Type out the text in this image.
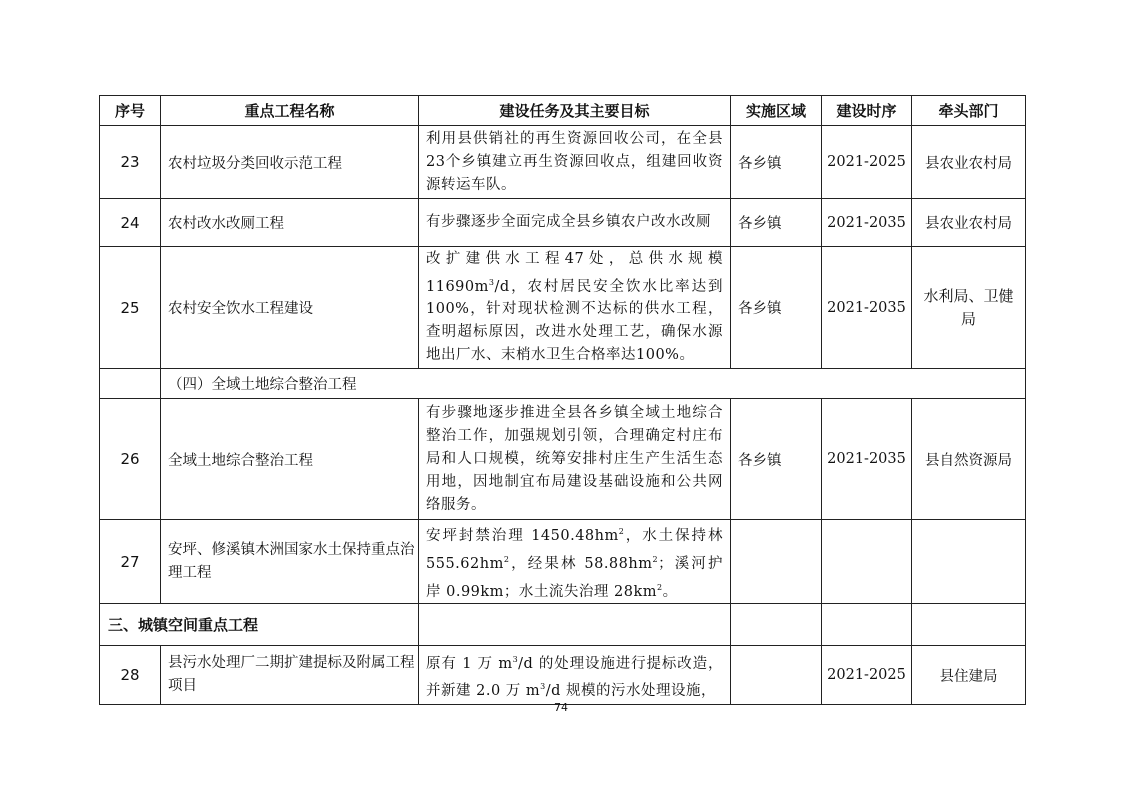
序号	重点工程名称	建设任务及其主要目标	实施区域	建设时序	牵头部门
23	农村垃圾分类回收示范工程	利用县供销社的再生资源回收公司，在全县23个乡镇建立再生资源回收点，组建回收资源转运车队。	各乡镇	2021-2025	县农业农村局
24	农村改水改厕工程	有步骤逐步全面完成全县乡镇农户改水改厕	各乡镇	2021-2035	县农业农村局
25	农村安全饮水工程建设	改扩建供水工程47处，总供水规模$11690m^3/d$，农村居民安全饮水比率达到100%，针对现状检测不达标的供水工程，查明超标原因，改进水处理工艺，确保水源地出厂水、末梢水卫生合格率达100%。	各乡镇	2021-2035	水利局、卫健局
	（四）全域土地综合整治工程				
26	全域土地综合整治工程	有步骤地逐步推进全县各乡镇全域土地综合整治工作，加强规划引领，合理确定村庄布局和人口规模，统筹安排村庄生产生活生态用地，因地制宜布局建设基础设施和公共网络服务。	各乡镇	2021-2035	县自然资源局
27	安坪、修溪镇木洲国家水土保持重点治理工程	安坪封禁治理 $1450.48hm^2$，水土保持林 $555.62hm^2$，经果林 $58.88hm^2$；溪河护岸 0.99km；水土流失治理 $28km^2$。			
三、城镇空间重点工程					
28	县污水处理厂二期扩建提标及附属工程项目	原有 1 万 $m^3/d$ 的处理设施进行提标改造，并新建 2.0 万 $m^3/d$ 规模的污水处理设施，		2021-2025	县住建局
74
